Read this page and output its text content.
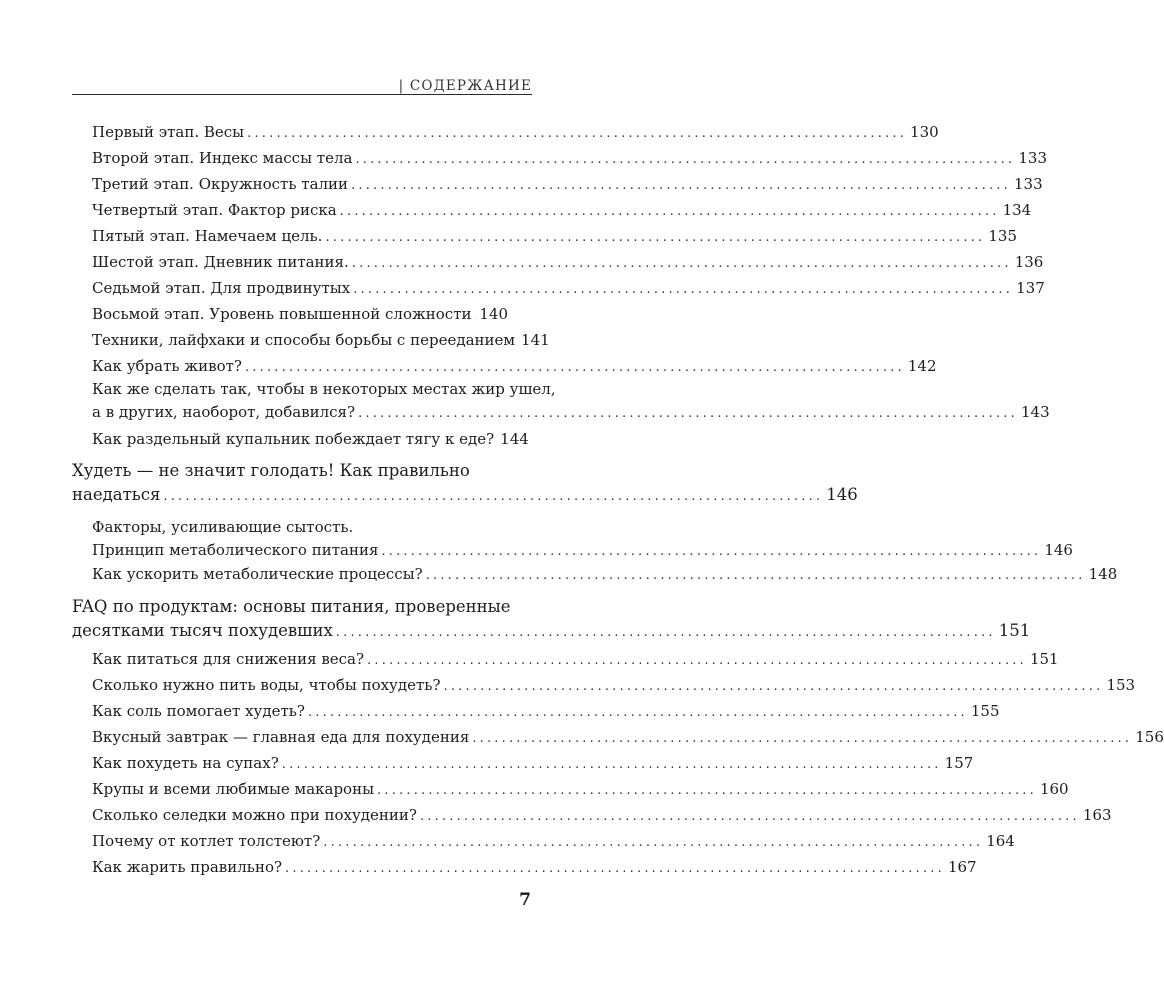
| СОДЕРЖАНИЕ
Первый этап. Весы .......................................................................................... 130
Второй этап. Индекс массы тела .......................................................................................... 133
Третий этап. Окружность талии .......................................................................................... 133
Четвертый этап. Фактор риска .......................................................................................... 134
Пятый этап. Намечаем цель. .......................................................................................... 135
Шестой этап. Дневник питания. .......................................................................................... 136
Седьмой этап. Для продвинутых .......................................................................................... 137
Восьмой этап. Уровень повышенной сложности 140
Техники, лайфхаки и способы борьбы с перееданием 141
Как убрать живот? .......................................................................................... 142
Как же сделать так, чтобы в некоторых местах жир ушел,
а в других, наоборот, добавился? .......................................................................................... 143
Как раздельный купальник побеждает тягу к еде? 144
Худеть — не значит голодать! Как правильно
наедаться .......................................................................................... 146
Факторы, усиливающие сытость.
Принцип метаболического питания .......................................................................................... 146
Как ускорить метаболические процессы? .......................................................................................... 148
FAQ по продуктам: основы питания, проверенные
десятками тысяч похудевших .......................................................................................... 151
Как питаться для снижения веса? .......................................................................................... 151
Сколько нужно пить воды, чтобы похудеть? .......................................................................................... 153
Как соль помогает худеть? .......................................................................................... 155
Вкусный завтрак — главная еда для похудения .......................................................................................... 156
Как похудеть на супах? .......................................................................................... 157
Крупы и всеми любимые макароны .......................................................................................... 160
Сколько селедки можно при похудении? .......................................................................................... 163
Почему от котлет толстеют? .......................................................................................... 164
Как жарить правильно? .......................................................................................... 167
7
